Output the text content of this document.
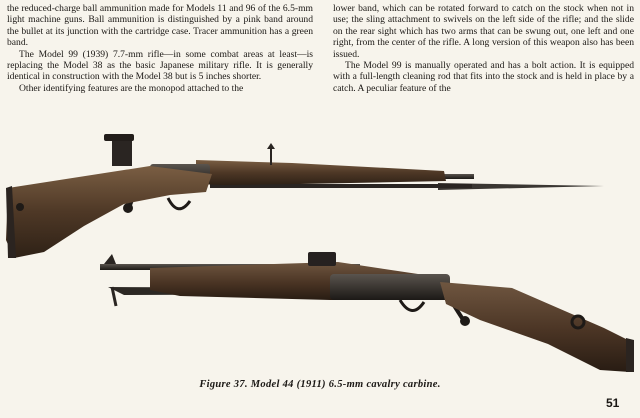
the reduced-charge ball ammunition made for Models 11 and 96 of the 6.5-mm light machine guns. Ball ammunition is distinguished by a pink band around the bullet at its junction with the cartridge case. Tracer ammunition has a green band.

The Model 99 (1939) 7.7-mm rifle—in some combat areas at least—is replacing the Model 38 as the basic Japanese military rifle. It is generally identical in construction with the Model 38 but is 5 inches shorter.

Other identifying features are the monopod attached to the

lower band, which can be rotated forward to catch on the stock when not in use; the sling attachment to swivels on the left side of the rifle; and the slide on the rear sight which has two arms that can be swung out, one left and one right, from the center of the rifle. A long version of this weapon also has been issued.

The Model 99 is manually operated and has a bolt action. It is equipped with a full-length cleaning rod that fits into the stock and is held in place by a catch. A peculiar feature of the

Figure 37. Model 44 (1911) 6.5-mm cavalry carbine.
51
